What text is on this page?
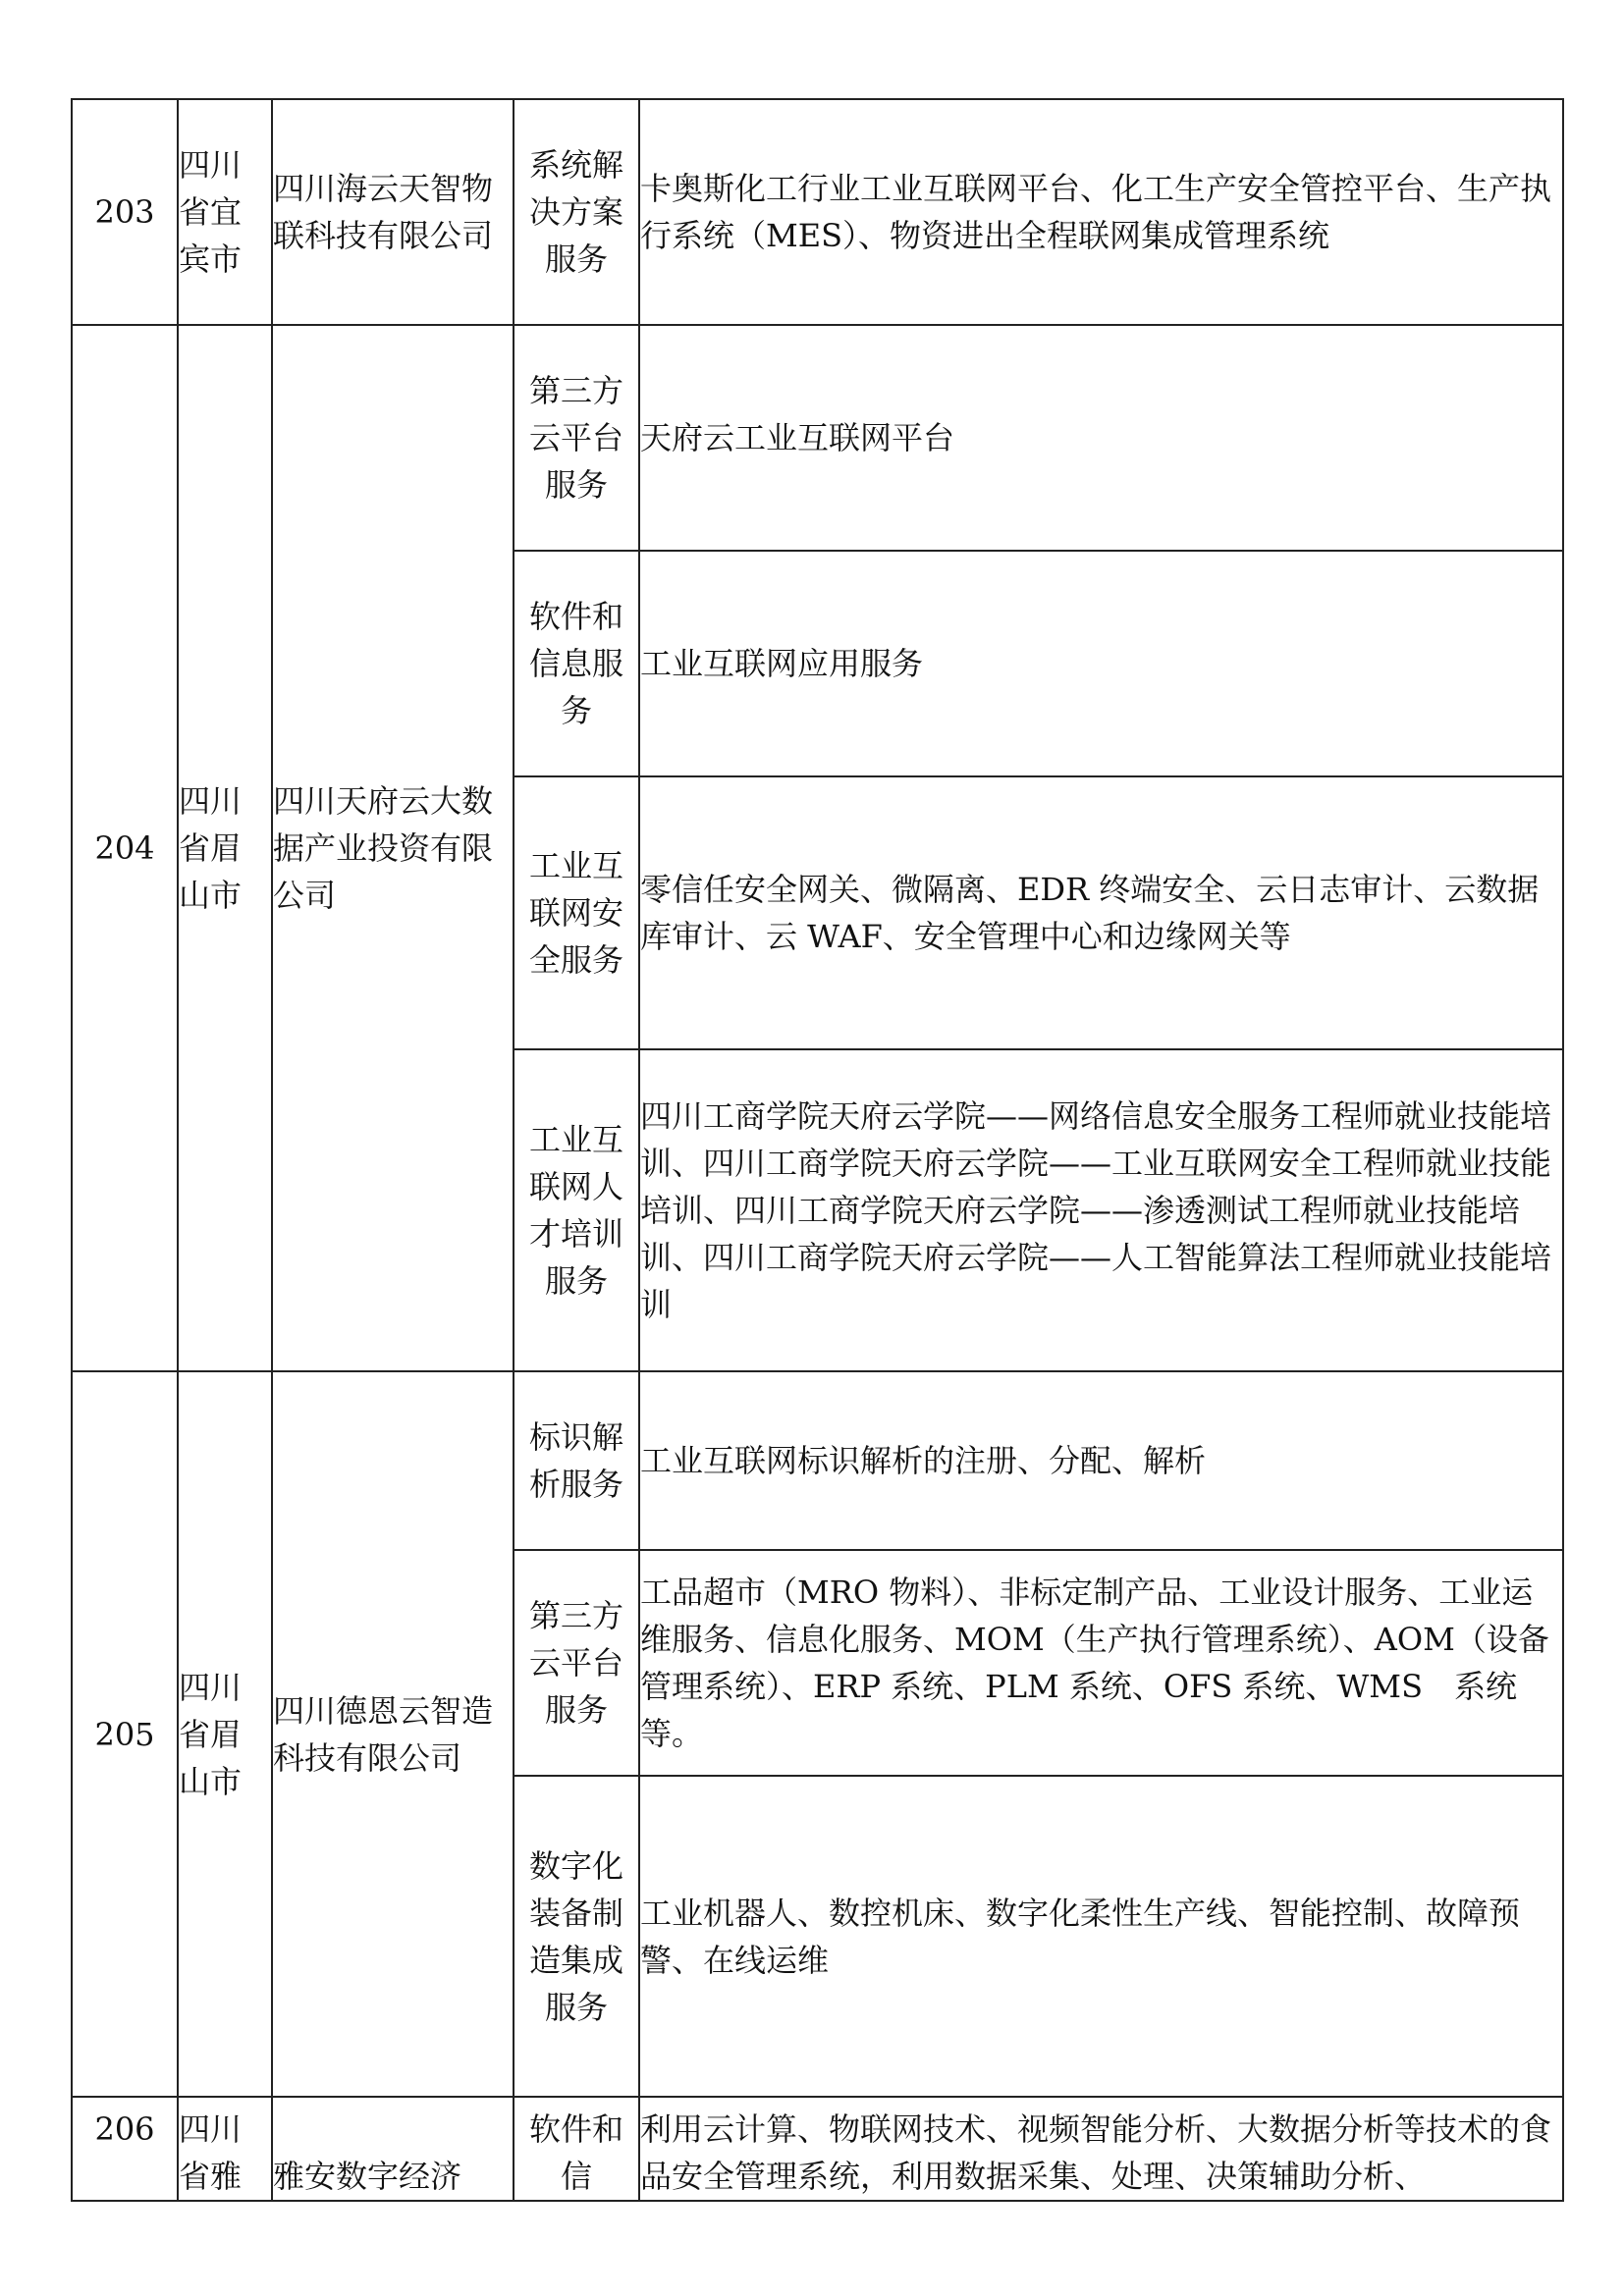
203	四川省宜宾市	四川海云天智物联科技有限公司	系统解决方案服务	卡奥斯化工行业工业互联网平台、化工生产安全管控平台、生产执行系统（MES）、物资进出全程联网集成管理系统

204	四川省眉山市	四川天府云大数据产业投资有限公司	第三方云平台服务	天府云工业互联网平台

			软件和信息服务	工业互联网应用服务

			工业互联网安全服务	零信任安全网关、微隔离、EDR 终端安全、云日志审计、云数据库审计、云 WAF、安全管理中心和边缘网关等

			工业互联网人才培训服务	四川工商学院天府云学院——网络信息安全服务工程师就业技能培训、四川工商学院天府云学院——工业互联网安全工程师就业技能培训、四川工商学院天府云学院——渗透测试工程师就业技能培训、四川工商学院天府云学院——人工智能算法工程师就业技能培训

205	四川省眉山市	四川德恩云智造科技有限公司	标识解析服务	工业互联网标识解析的注册、分配、解析

			第三方云平台服务	工品超市（MRO 物料）、非标定制产品、工业设计服务、工业运维服务、信息化服务、MOM（生产执行管理系统）、AOM（设备管理系统）、ERP 系统、PLM 系统、OFS 系统、WMS　系统等。

			数字化装备制造集成服务	工业机器人、数控机床、数字化柔性生产线、智能控制、故障预警、在线运维

206	四川省雅	雅安数字经济	软件和信	利用云计算、物联网技术、视频智能分析、大数据分析等技术的食品安全管理系统，利用数据采集、处理、决策辅助分析、
